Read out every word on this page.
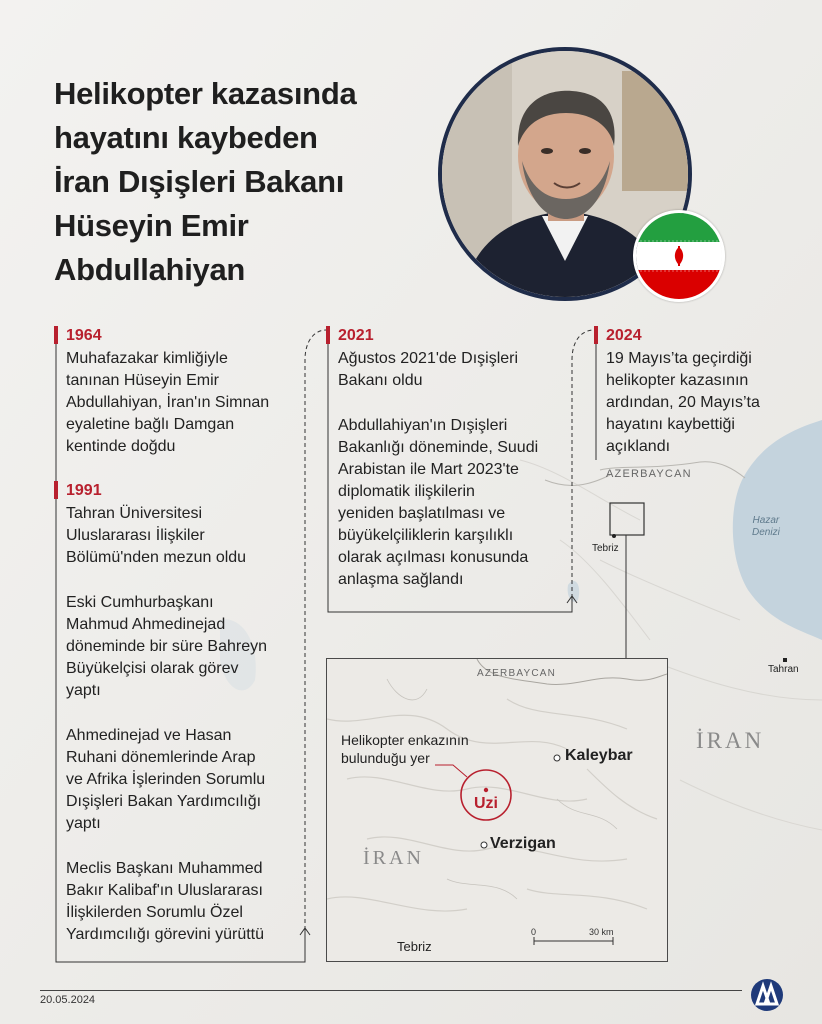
Helikopter kazasında
hayatını kaybeden
İran Dışişleri Bakanı
Hüseyin Emir
Abdullahiyan
1964

Muhafazakar kimliğiyle
tanınan Hüseyin Emir
Abdullahiyan, İran'ın Simnan
eyaletine bağlı Damgan
kentinde doğdu

1991

Tahran Üniversitesi
Uluslararası İlişkiler
Bölümü'nden mezun oldu

Eski Cumhurbaşkanı
Mahmud Ahmedinejad
döneminde bir süre Bahreyn
Büyükelçisi olarak görev
yaptı

Ahmedinejad ve Hasan
Ruhani dönemlerinde Arap
ve Afrika İşlerinden Sorumlu
Dışişleri Bakan Yardımcılığı
yaptı

Meclis Başkanı Muhammed
Bakır Kalibaf'ın Uluslararası
İlişkilerden Sorumlu Özel
Yardımcılığı görevini yürüttü

2021

Ağustos 2021'de Dışişleri
Bakanı oldu

Abdullahiyan'ın Dışişleri
Bakanlığı döneminde, Suudi
Arabistan ile Mart 2023'te
diplomatik ilişkilerin
yeniden başlatılması ve
büyükelçiliklerin karşılıklı
olarak açılması konusunda
anlaşma sağlandı

2024

19 Mayıs’ta geçirdiği
helikopter kazasının
ardından, 20 Mayıs’ta
hayatını kaybettiği
açıklandı

AZERBAYCAN
Hazar
Denizi
Tebriz
Tahran
İRAN
AZERBAYCAN
Helikopter enkazının
bulunduğu yer	Kaleybar
Uzi
Verzigan
İRAN
Tebriz
0	30 km
20.05.2024
